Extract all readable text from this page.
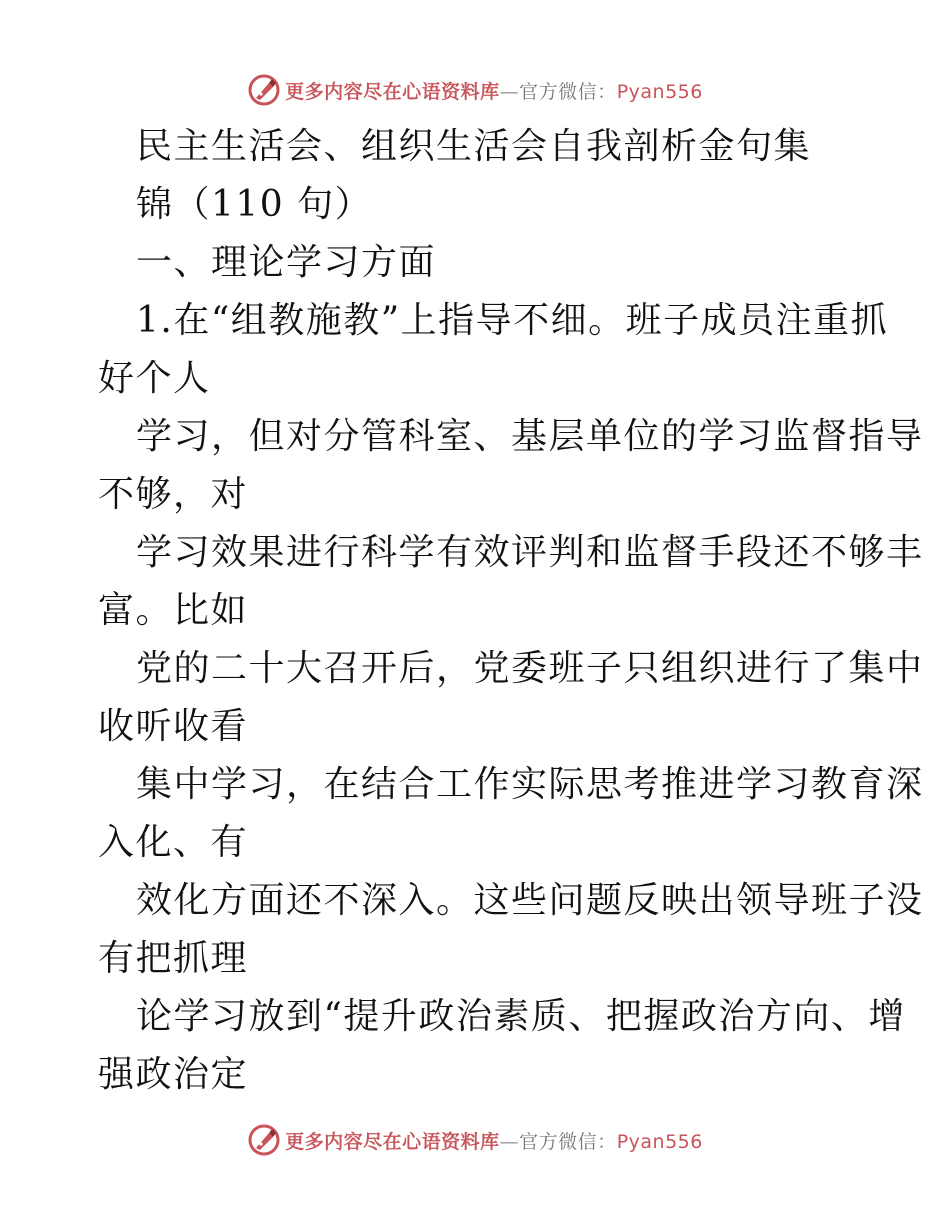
更多内容尽在心语资料库—官方微信：Pyan556
民主生活会、组织生活会自我剖析金句集
锦（110 句）
一、理论学习方面
1.在“组教施教”上指导不细。班子成员注重抓
好个人
学习，但对分管科室、基层单位的学习监督指导
不够，对
学习效果进行科学有效评判和监督手段还不够丰
富。比如
党的二十大召开后，党委班子只组织进行了集中
收听收看
集中学习，在结合工作实际思考推进学习教育深
入化、有
效化方面还不深入。这些问题反映出领导班子没
有把抓理
论学习放到“提升政治素质、把握政治方向、增
强政治定
更多内容尽在心语资料库—官方微信：Pyan556
